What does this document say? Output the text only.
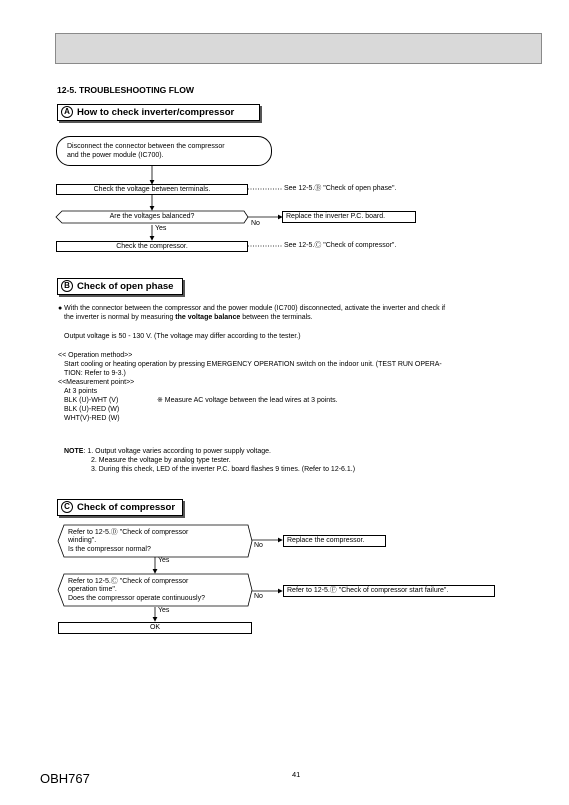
12-5. TROUBLESHOOTING FLOW
A How to check inverter/compressor
Disconnect the connector between the compressor
and the power module (IC700).
Check the voltage between terminals.	See 12-5.Ⓑ "Check of open phase".
Are the voltages balanced?
No
Replace the inverter P.C. board.
Yes
Check the compressor.	See 12-5.Ⓒ "Check of compressor".
B Check of open phase
● With the connector between the compressor and the power module (IC700) disconnected, activate the inverter and check if
the inverter is normal by measuring the voltage balance between the terminals.
Output voltage is 50 - 130 V. (The voltage may differ according to the tester.)
<< Operation method>>
Start cooling or heating operation by pressing EMERGENCY OPERATION switch on the indoor unit. (TEST RUN OPERA-
TION: Refer to 9-3.)
<<Measurement point>>
At 3 points
BLK (U)-WHT (V)	※ Measure AC voltage between the lead wires at 3 points.
BLK (U)-RED (W)
WHT(V)-RED (W)
NOTE: 1. Output voltage varies according to power supply voltage.
2. Measure the voltage by analog type tester.
3. During this check, LED of the inverter P.C. board flashes 9 times. (Refer to 12-6.1.)
C Check of compressor
Refer to 12-5.Ⓓ "Check of compressor
winding".
Is the compressor normal?
No
Replace the compressor.
Yes
Refer to 12-5.Ⓒ "Check of compressor
operation time".
Does the compressor operate continuously?	No
Refer to 12-5.Ⓕ "Check of compressor start failure".
Yes
OK
OBH767	41
